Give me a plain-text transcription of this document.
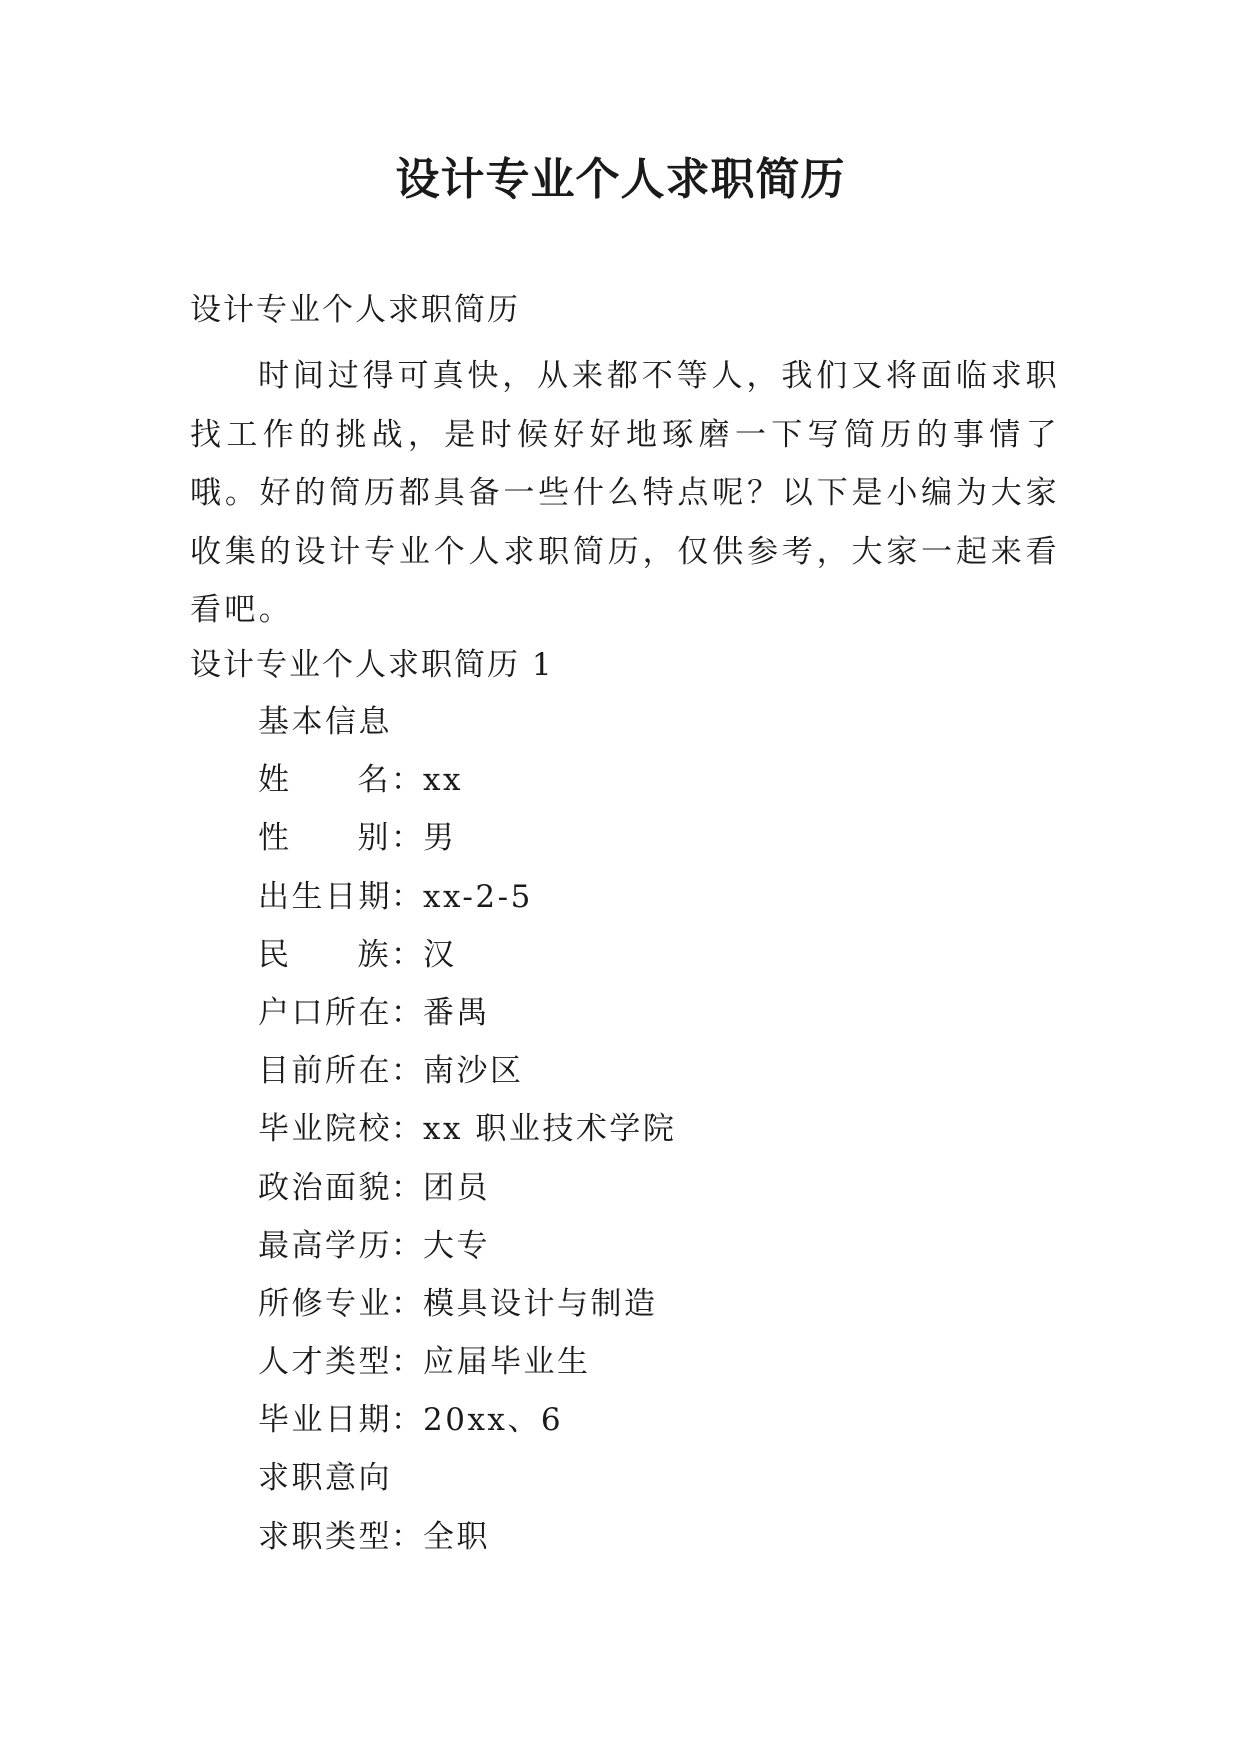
设计专业个人求职简历

设计专业个人求职简历

时间过得可真快，从来都不等人，我们又将面临求职找工作的挑战，是时候好好地琢磨一下写简历的事情了哦。好的简历都具备一些什么特点呢？以下是小编为大家收集的设计专业个人求职简历，仅供参考，大家一起来看看吧。

设计专业个人求职简历 1

基本信息
姓 名 ：
xx
性 别 ：
男
出生日期 ：
xx-2-5
民 族 ：
汉
户口所在 ：
番禺
目前所在 ：
南沙区
毕业院校 ：
xx 职业技术学院
政治面貌 ：
团员
最高学历 ：
大专
所修专业 ：
模具设计与制造
人才类型 ：
应届毕业生
毕业日期 ：
20xx、6
求职意向
求职类型 ：
全职
